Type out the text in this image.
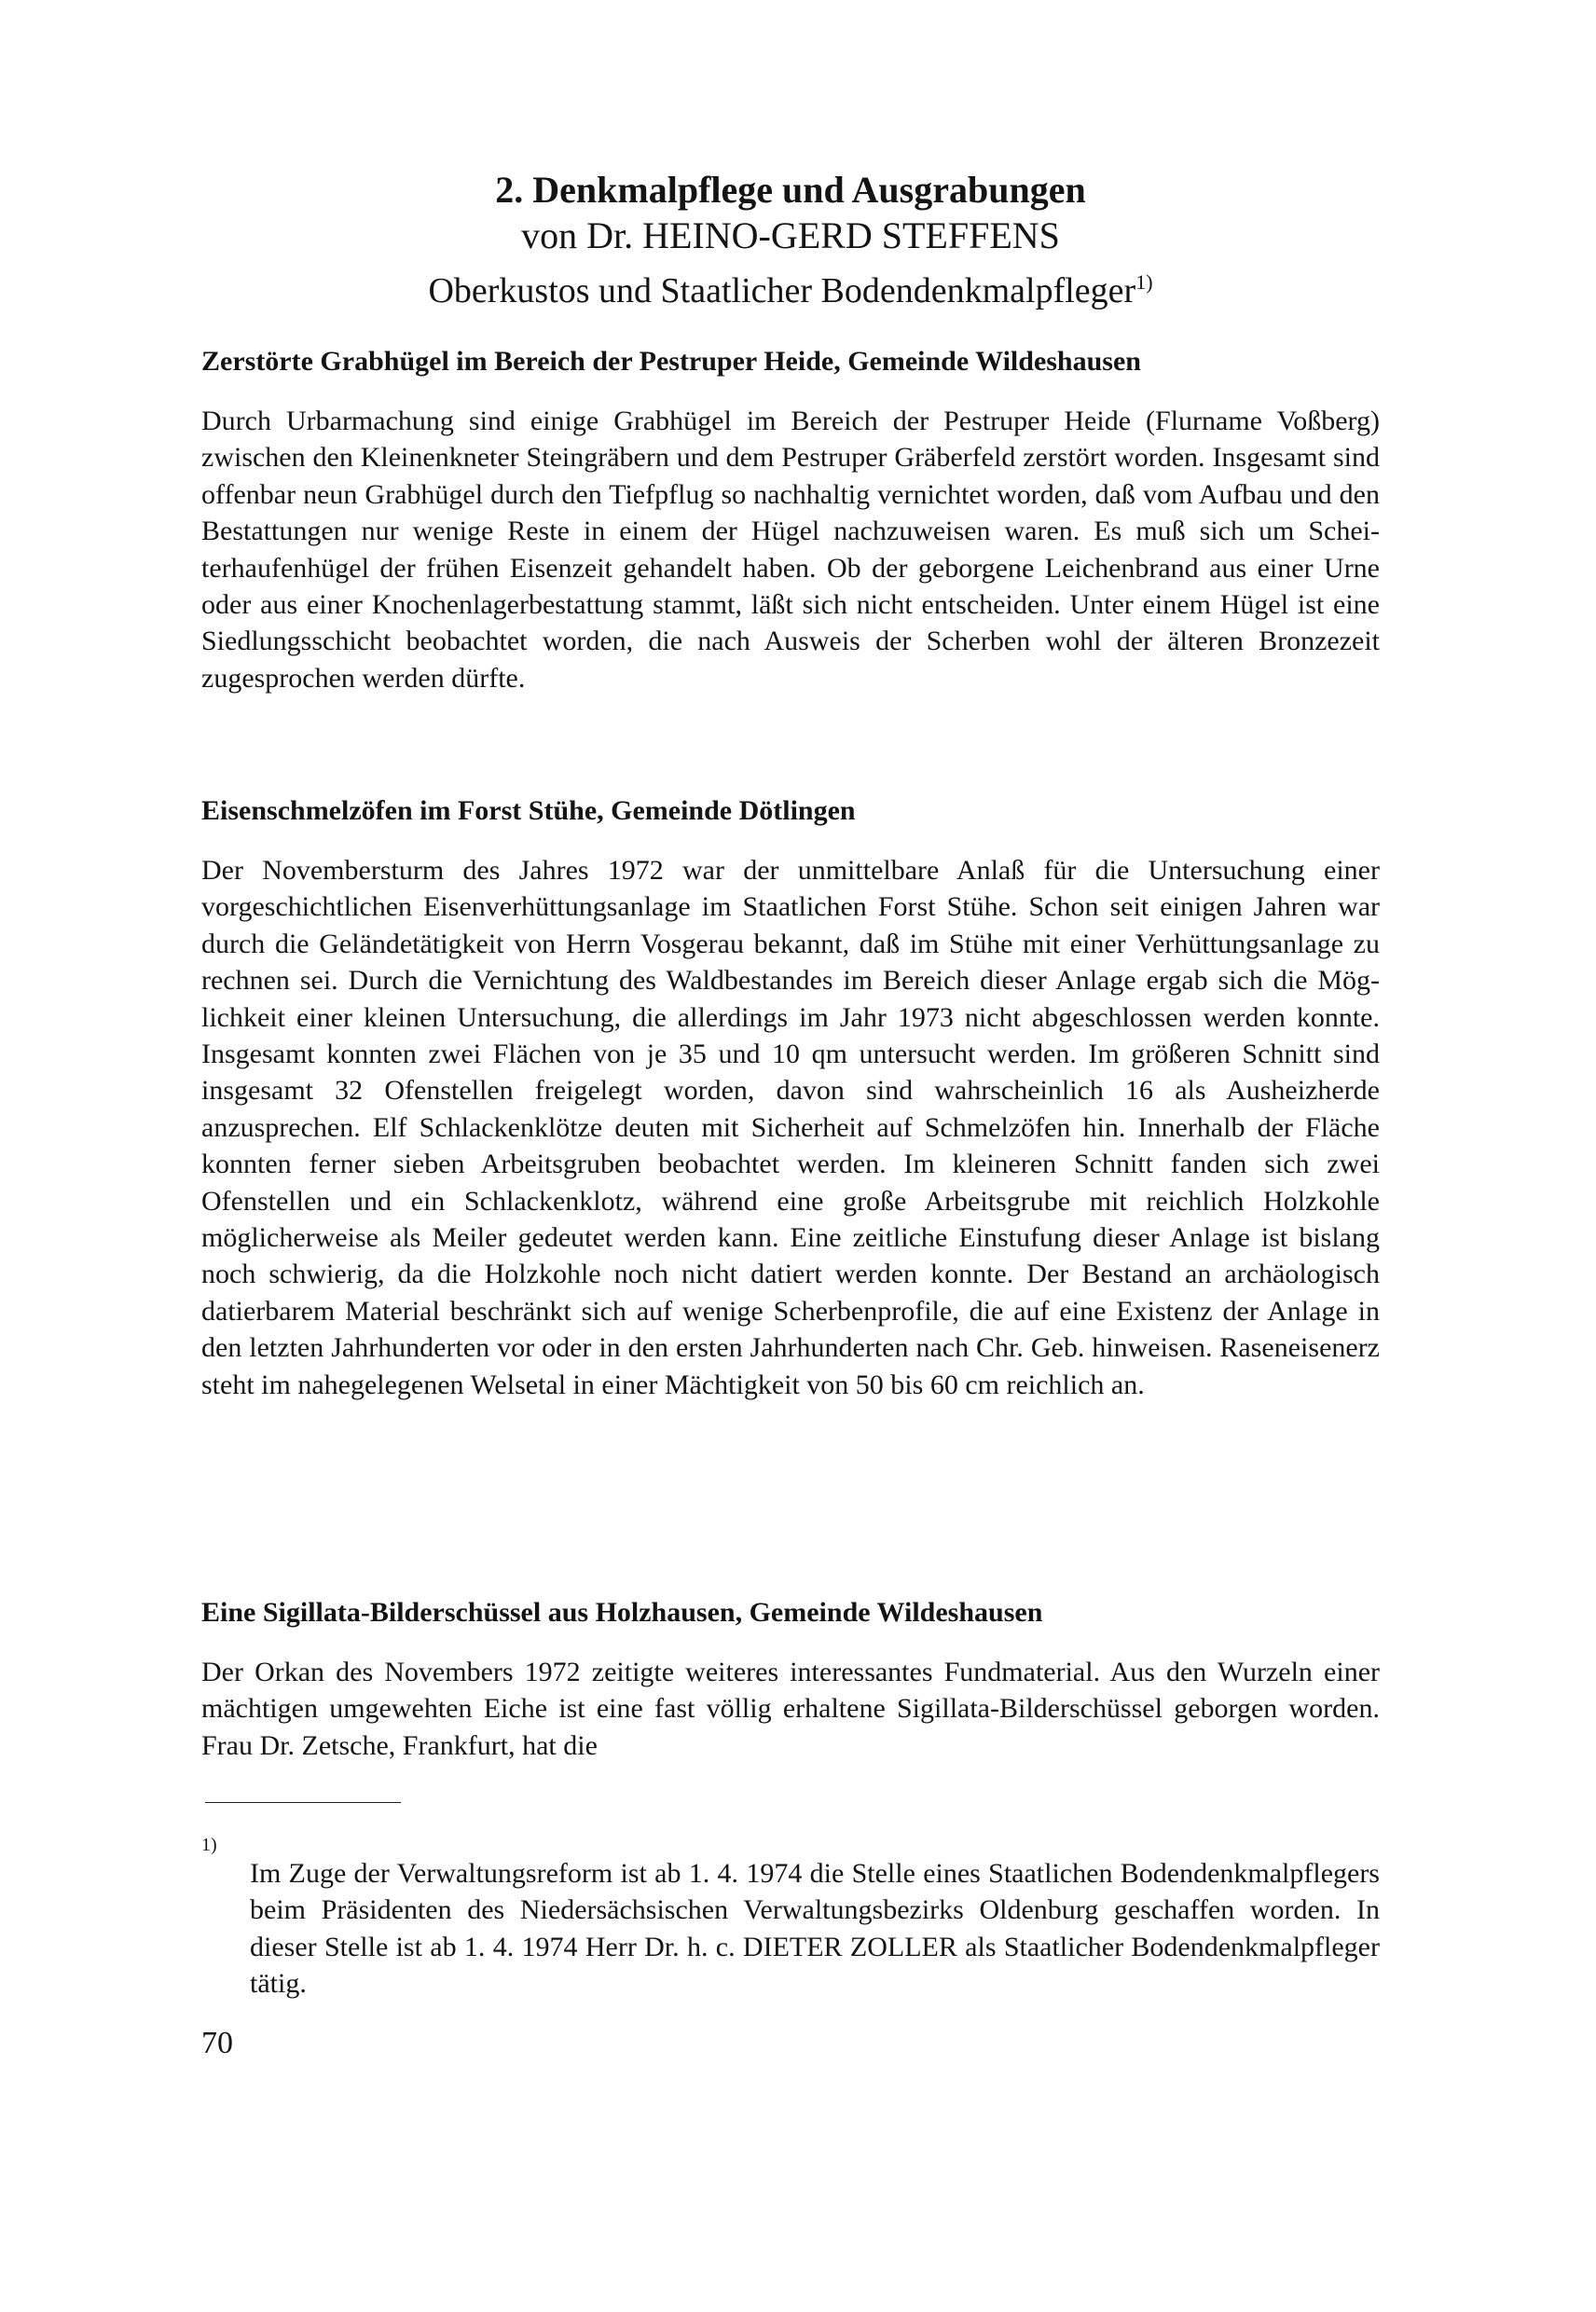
2. Denkmalpflege und Ausgrabungen

von Dr. HEINO-GERD STEFFENS

Oberkustos und Staatlicher Bodendenkmalpfleger$^{1)}$

Zerstörte Grabhügel im Bereich der Pestruper Heide, Gemeinde Wildeshausen

Durch Urbarmachung sind einige Grabhügel im Bereich der Pestruper Heide (Flurname Voßberg) zwischen den Kleinenkneter Steingräbern und dem Pestruper Gräberfeld zerstört worden. Insgesamt sind offenbar neun Grabhügel durch den Tiefpflug so nachhaltig vernichtet worden, daß vom Aufbau und den Bestattungen nur wenige Reste in einem der Hügel nachzuweisen waren. Es muß sich um Scheiterhaufenhügel der frühen Eisenzeit gehandelt haben. Ob der geborgene Leichenbrand aus einer Urne oder aus einer Knochenlagerbestattung stammt, läßt sich nicht entscheiden. Unter einem Hügel ist eine Siedlungsschicht beobachtet worden, die nach Ausweis der Scherben wohl der älteren Bronzezeit zugesprochen werden dürfte.

Eisenschmelzöfen im Forst Stühe, Gemeinde Dötlingen

Der Novembersturm des Jahres 1972 war der unmittelbare Anlaß für die Untersuchung einer vorgeschichtlichen Eisenverhüttungsanlage im Staatlichen Forst Stühe. Schon seit einigen Jahren war durch die Geländetätigkeit von Herrn Vosgerau bekannt, daß im Stühe mit einer Verhüttungsanlage zu rechnen sei. Durch die Vernichtung des Waldbestandes im Bereich dieser Anlage ergab sich die Möglichkeit einer kleinen Untersuchung, die allerdings im Jahr 1973 nicht abgeschlossen werden konnte. Insgesamt konnten zwei Flächen von je 35 und 10 qm untersucht werden. Im größeren Schnitt sind insgesamt 32 Ofenstellen freigelegt worden, davon sind wahrscheinlich 16 als Ausheizherde anzusprechen. Elf Schlackenklötze deuten mit Sicherheit auf Schmelzöfen hin. Innerhalb der Fläche konnten ferner sieben Arbeitsgruben beobachtet werden. Im kleineren Schnitt fanden sich zwei Ofenstellen und ein Schlackenklotz, während eine große Arbeitsgrube mit reichlich Holzkohle möglicherweise als Meiler gedeutet werden kann. Eine zeitliche Einstufung dieser Anlage ist bislang noch schwierig, da die Holzkohle noch nicht datiert werden konnte. Der Bestand an archäologisch datierbarem Material beschränkt sich auf wenige Scherbenprofile, die auf eine Existenz der Anlage in den letzten Jahrhunderten vor oder in den ersten Jahrhunderten nach Chr. Geb. hinweisen. Raseneisenerz steht im nahegelegenen Welsetal in einer Mächtigkeit von 50 bis 60 cm reichlich an.

Eine Sigillata-Bilderschüssel aus Holzhausen, Gemeinde Wildeshausen

Der Orkan des Novembers 1972 zeitigte weiteres interessantes Fundmaterial. Aus den Wurzeln einer mächtigen umgewehten Eiche ist eine fast völlig erhaltene Sigillata-Bilderschüssel geborgen worden. Frau Dr. Zetsche, Frankfurt, hat die

$^{1)}$

Im Zuge der Verwaltungsreform ist ab 1. 4. 1974 die Stelle eines Staatlichen Bodendenkmalpflegers beim Präsidenten des Niedersächsischen Verwaltungsbezirks Oldenburg geschaffen worden. In dieser Stelle ist ab 1. 4. 1974 Herr Dr. h. c. DIETER ZOLLER als Staatlicher Bodendenkmalpfleger tätig.

70
